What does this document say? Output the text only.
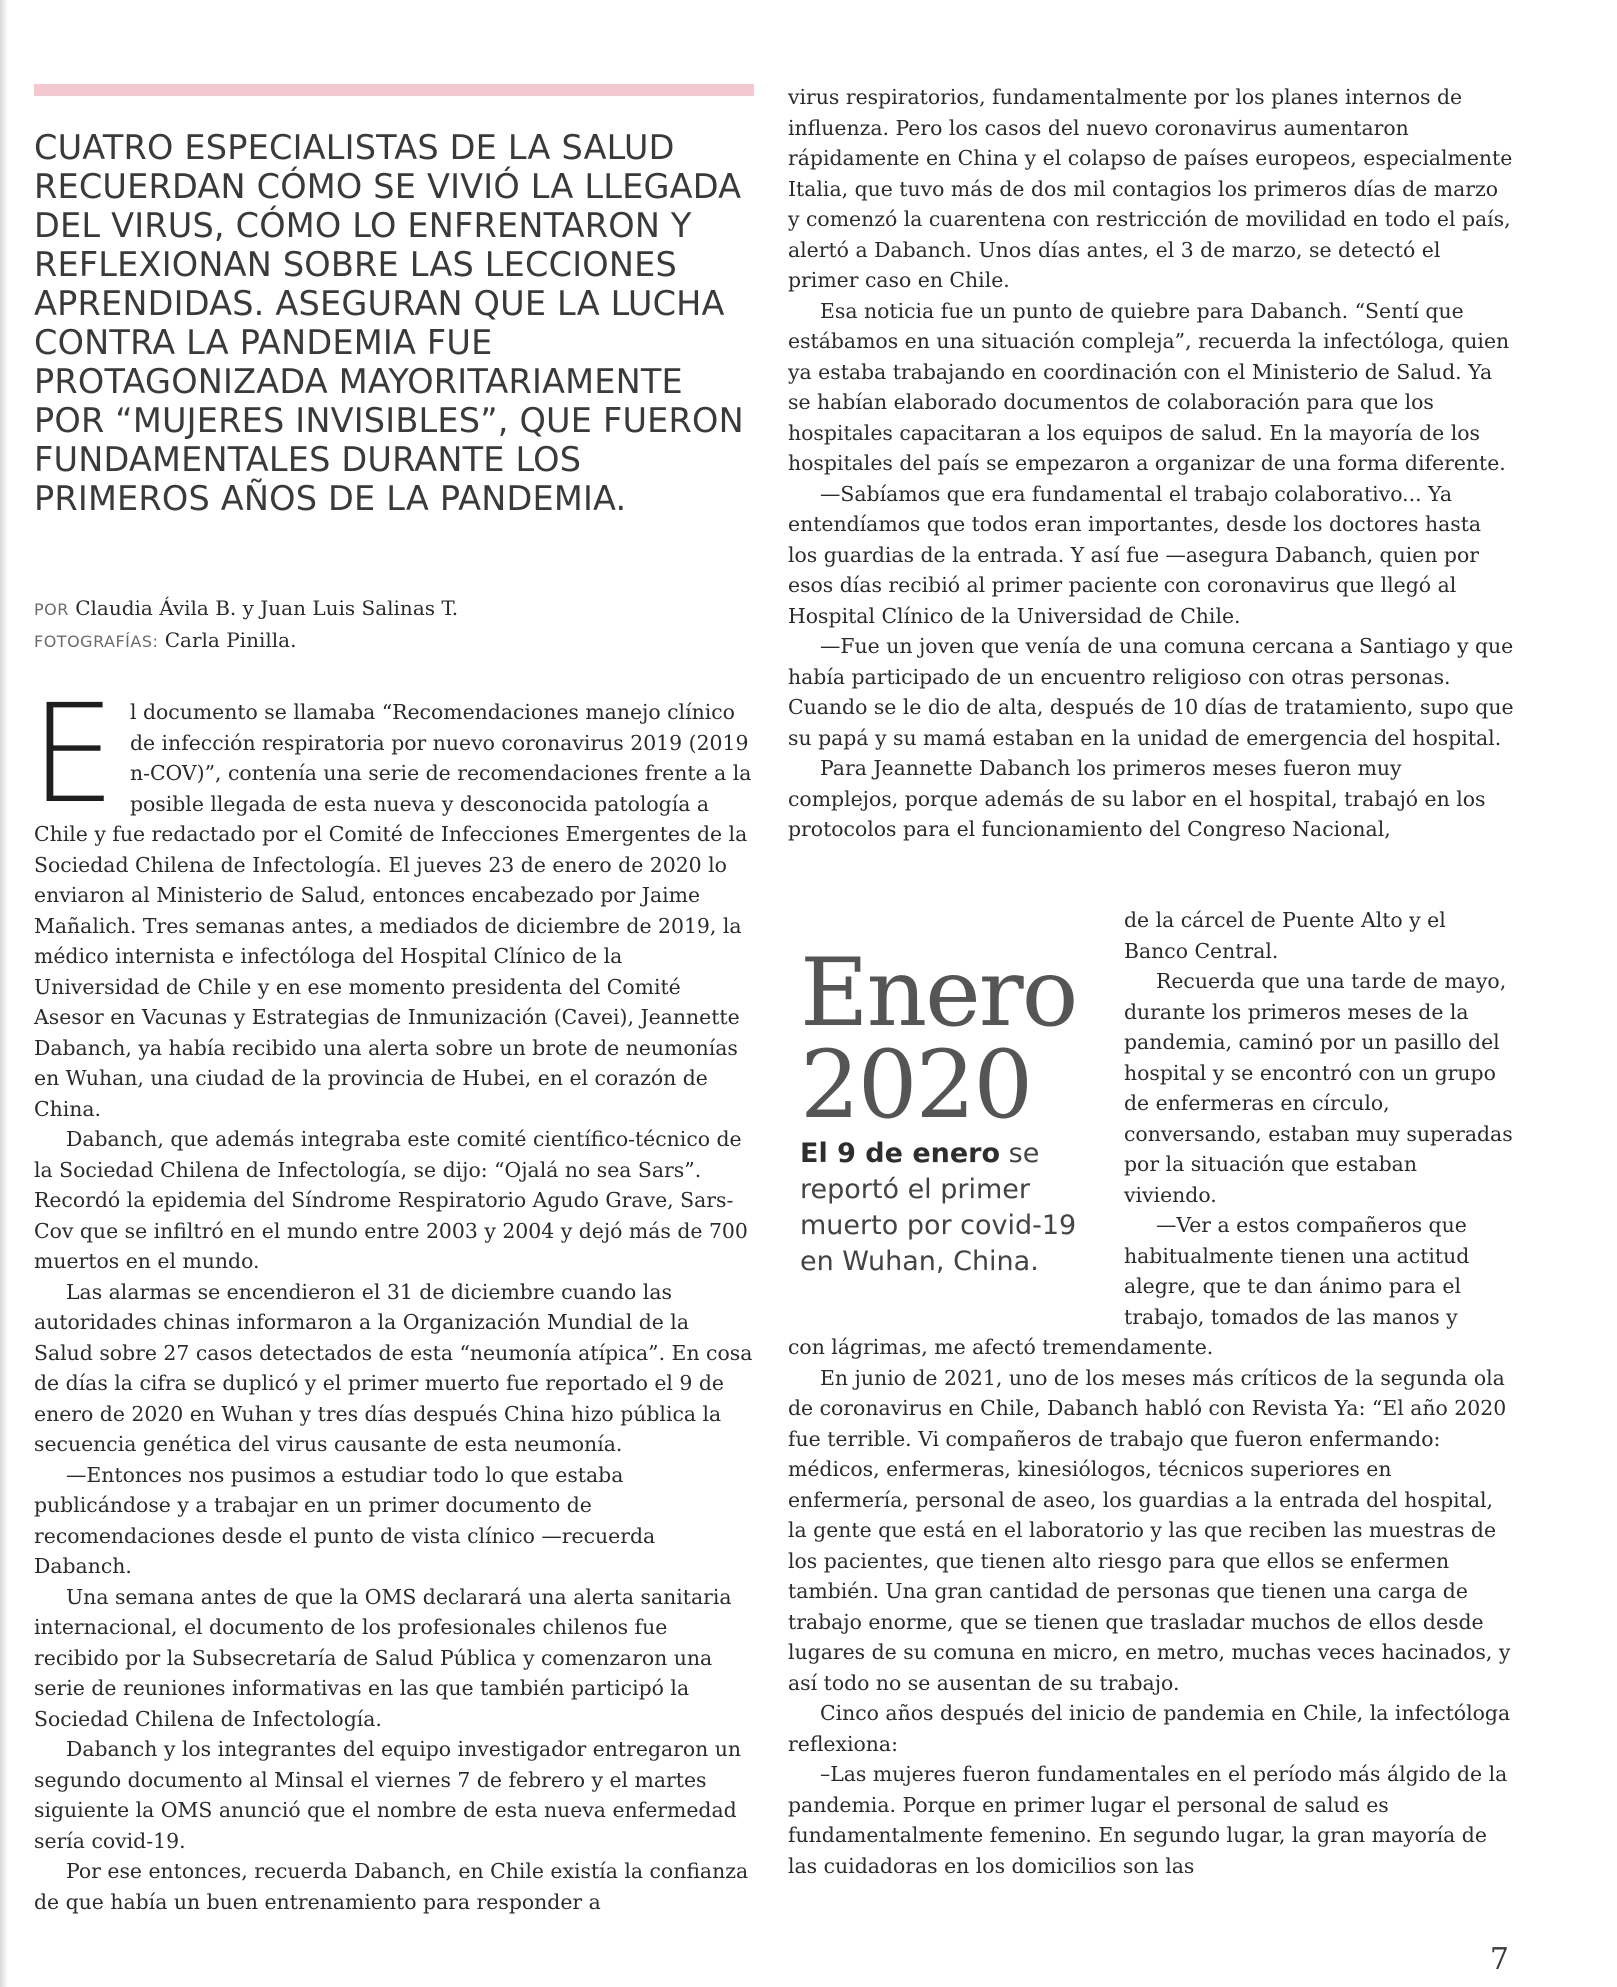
CUATRO ESPECIALISTAS DE LA SALUD RECUERDAN CÓMO SE VIVIÓ LA LLEGADA DEL VIRUS, CÓMO LO ENFRENTARON Y REFLEXIONAN SOBRE LAS LECCIONES APRENDIDAS. ASEGURAN QUE LA LUCHA CONTRA LA PANDEMIA FUE PROTAGONIZADA MAYORITARIAMENTE POR “MUJERES INVISIBLES”, QUE FUERON FUNDAMENTALES DURANTE LOS PRIMEROS AÑOS DE LA PANDEMIA.
POR Claudia Ávila B. y Juan Luis Salinas T.
FOTOGRAFÍAS: Carla Pinilla.

El documento se llamaba “Recomendaciones manejo clínico de infección respiratoria por nuevo coronavirus 2019 (2019 n-COV)”, contenía una serie de recomendaciones frente a la posible llegada de esta nueva y desconocida patología a Chile y fue redactado por el Comité de Infecciones Emergentes de la Sociedad Chilena de Infectología. El jueves 23 de enero de 2020 lo enviaron al Ministerio de Salud, entonces encabezado por Jaime Mañalich. Tres semanas antes, a mediados de diciembre de 2019, la médico internista e infectóloga del Hospital Clínico de la Universidad de Chile y en ese momento presidenta del Comité Asesor en Vacunas y Estrategias de Inmunización (Cavei), Jeannette Dabanch, ya había recibido una alerta sobre un brote de neumonías en Wuhan, una ciudad de la provincia de Hubei, en el corazón de China.

Dabanch, que además integraba este comité científico-técnico de la Sociedad Chilena de Infectología, se dijo: “Ojalá no sea Sars”. Recordó la epidemia del Síndrome Respiratorio Agudo Grave, Sars-Cov que se infiltró en el mundo entre 2003 y 2004 y dejó más de 700 muertos en el mundo.

Las alarmas se encendieron el 31 de diciembre cuando las autoridades chinas informaron a la Organización Mundial de la Salud sobre 27 casos detectados de esta “neumonía atípica”. En cosa de días la cifra se duplicó y el primer muerto fue reportado el 9 de enero de 2020 en Wuhan y tres días después China hizo pública la secuencia genética del virus causante de esta neumonía.

—Entonces nos pusimos a estudiar todo lo que estaba publicándose y a trabajar en un primer documento de recomendaciones desde el punto de vista clínico —recuerda Dabanch.

Una semana antes de que la OMS declarará una alerta sanitaria internacional, el documento de los profesionales chilenos fue recibido por la Subsecretaría de Salud Pública y comenzaron una serie de reuniones informativas en las que también participó la Sociedad Chilena de Infectología.

Dabanch y los integrantes del equipo investigador entregaron un segundo documento al Minsal el viernes 7 de febrero y el martes siguiente la OMS anunció que el nombre de esta nueva enfermedad sería covid-19.

Por ese entonces, recuerda Dabanch, en Chile existía la confianza de que había un buen entrenamiento para responder a

virus respiratorios, fundamentalmente por los planes internos de influenza. Pero los casos del nuevo coronavirus aumentaron rápidamente en China y el colapso de países europeos, especialmente Italia, que tuvo más de dos mil contagios los primeros días de marzo y comenzó la cuarentena con restricción de movilidad en todo el país, alertó a Dabanch. Unos días antes, el 3 de marzo, se detectó el primer caso en Chile.

Esa noticia fue un punto de quiebre para Dabanch. “Sentí que estábamos en una situación compleja”, recuerda la infectóloga, quien ya estaba trabajando en coordinación con el Ministerio de Salud. Ya se habían elaborado documentos de colaboración para que los hospitales capacitaran a los equipos de salud. En la mayoría de los hospitales del país se empezaron a organizar de una forma diferente.

—Sabíamos que era fundamental el trabajo colaborativo... Ya entendíamos que todos eran importantes, desde los doctores hasta los guardias de la entrada. Y así fue —asegura Dabanch, quien por esos días recibió al primer paciente con coronavirus que llegó al Hospital Clínico de la Universidad de Chile.

—Fue un joven que venía de una comuna cercana a Santiago y que había participado de un encuentro religioso con otras personas. Cuando se le dio de alta, después de 10 días de tratamiento, supo que su papá y su mamá estaban en la unidad de emergencia del hospital.

Para Jeannette Dabanch los primeros meses fueron muy complejos, porque además de su labor en el hospital, trabajó en los protocolos para el funcionamiento del Congreso Nacional,

Enero
2020
El 9 de enero se reportó el primer muerto por covid-19 en Wuhan, China.

de la cárcel de Puente Alto y el

Banco Central.

Recuerda que una tarde de mayo, durante los primeros meses de la pandemia, caminó por un pasillo del hospital y se encontró con un grupo de enfermeras en círculo, conversando, estaban muy superadas por la situación que estaban viviendo.

—Ver a estos compañeros que habitualmente tienen una actitud alegre, que te dan ánimo para el trabajo, tomados de las manos y

con lágrimas, me afectó tremendamente.

En junio de 2021, uno de los meses más críticos de la segunda ola de coronavirus en Chile, Dabanch habló con Revista Ya: “El año 2020 fue terrible. Vi compañeros de trabajo que fueron enfermando: médicos, enfermeras, kinesiólogos, técnicos superiores en enfermería, personal de aseo, los guardias a la entrada del hospital, la gente que está en el laboratorio y las que reciben las muestras de los pacientes, que tienen alto riesgo para que ellos se enfermen también. Una gran cantidad de personas que tienen una carga de trabajo enorme, que se tienen que trasladar muchos de ellos desde lugares de su comuna en micro, en metro, muchas veces hacinados, y así todo no se ausentan de su trabajo.

Cinco años después del inicio de pandemia en Chile, la infectóloga reflexiona:

–Las mujeres fueron fundamentales en el período más álgido de la pandemia. Porque en primer lugar el personal de salud es fundamentalmente femenino. En segundo lugar, la gran mayoría de las cuidadoras en los domicilios son las

7
